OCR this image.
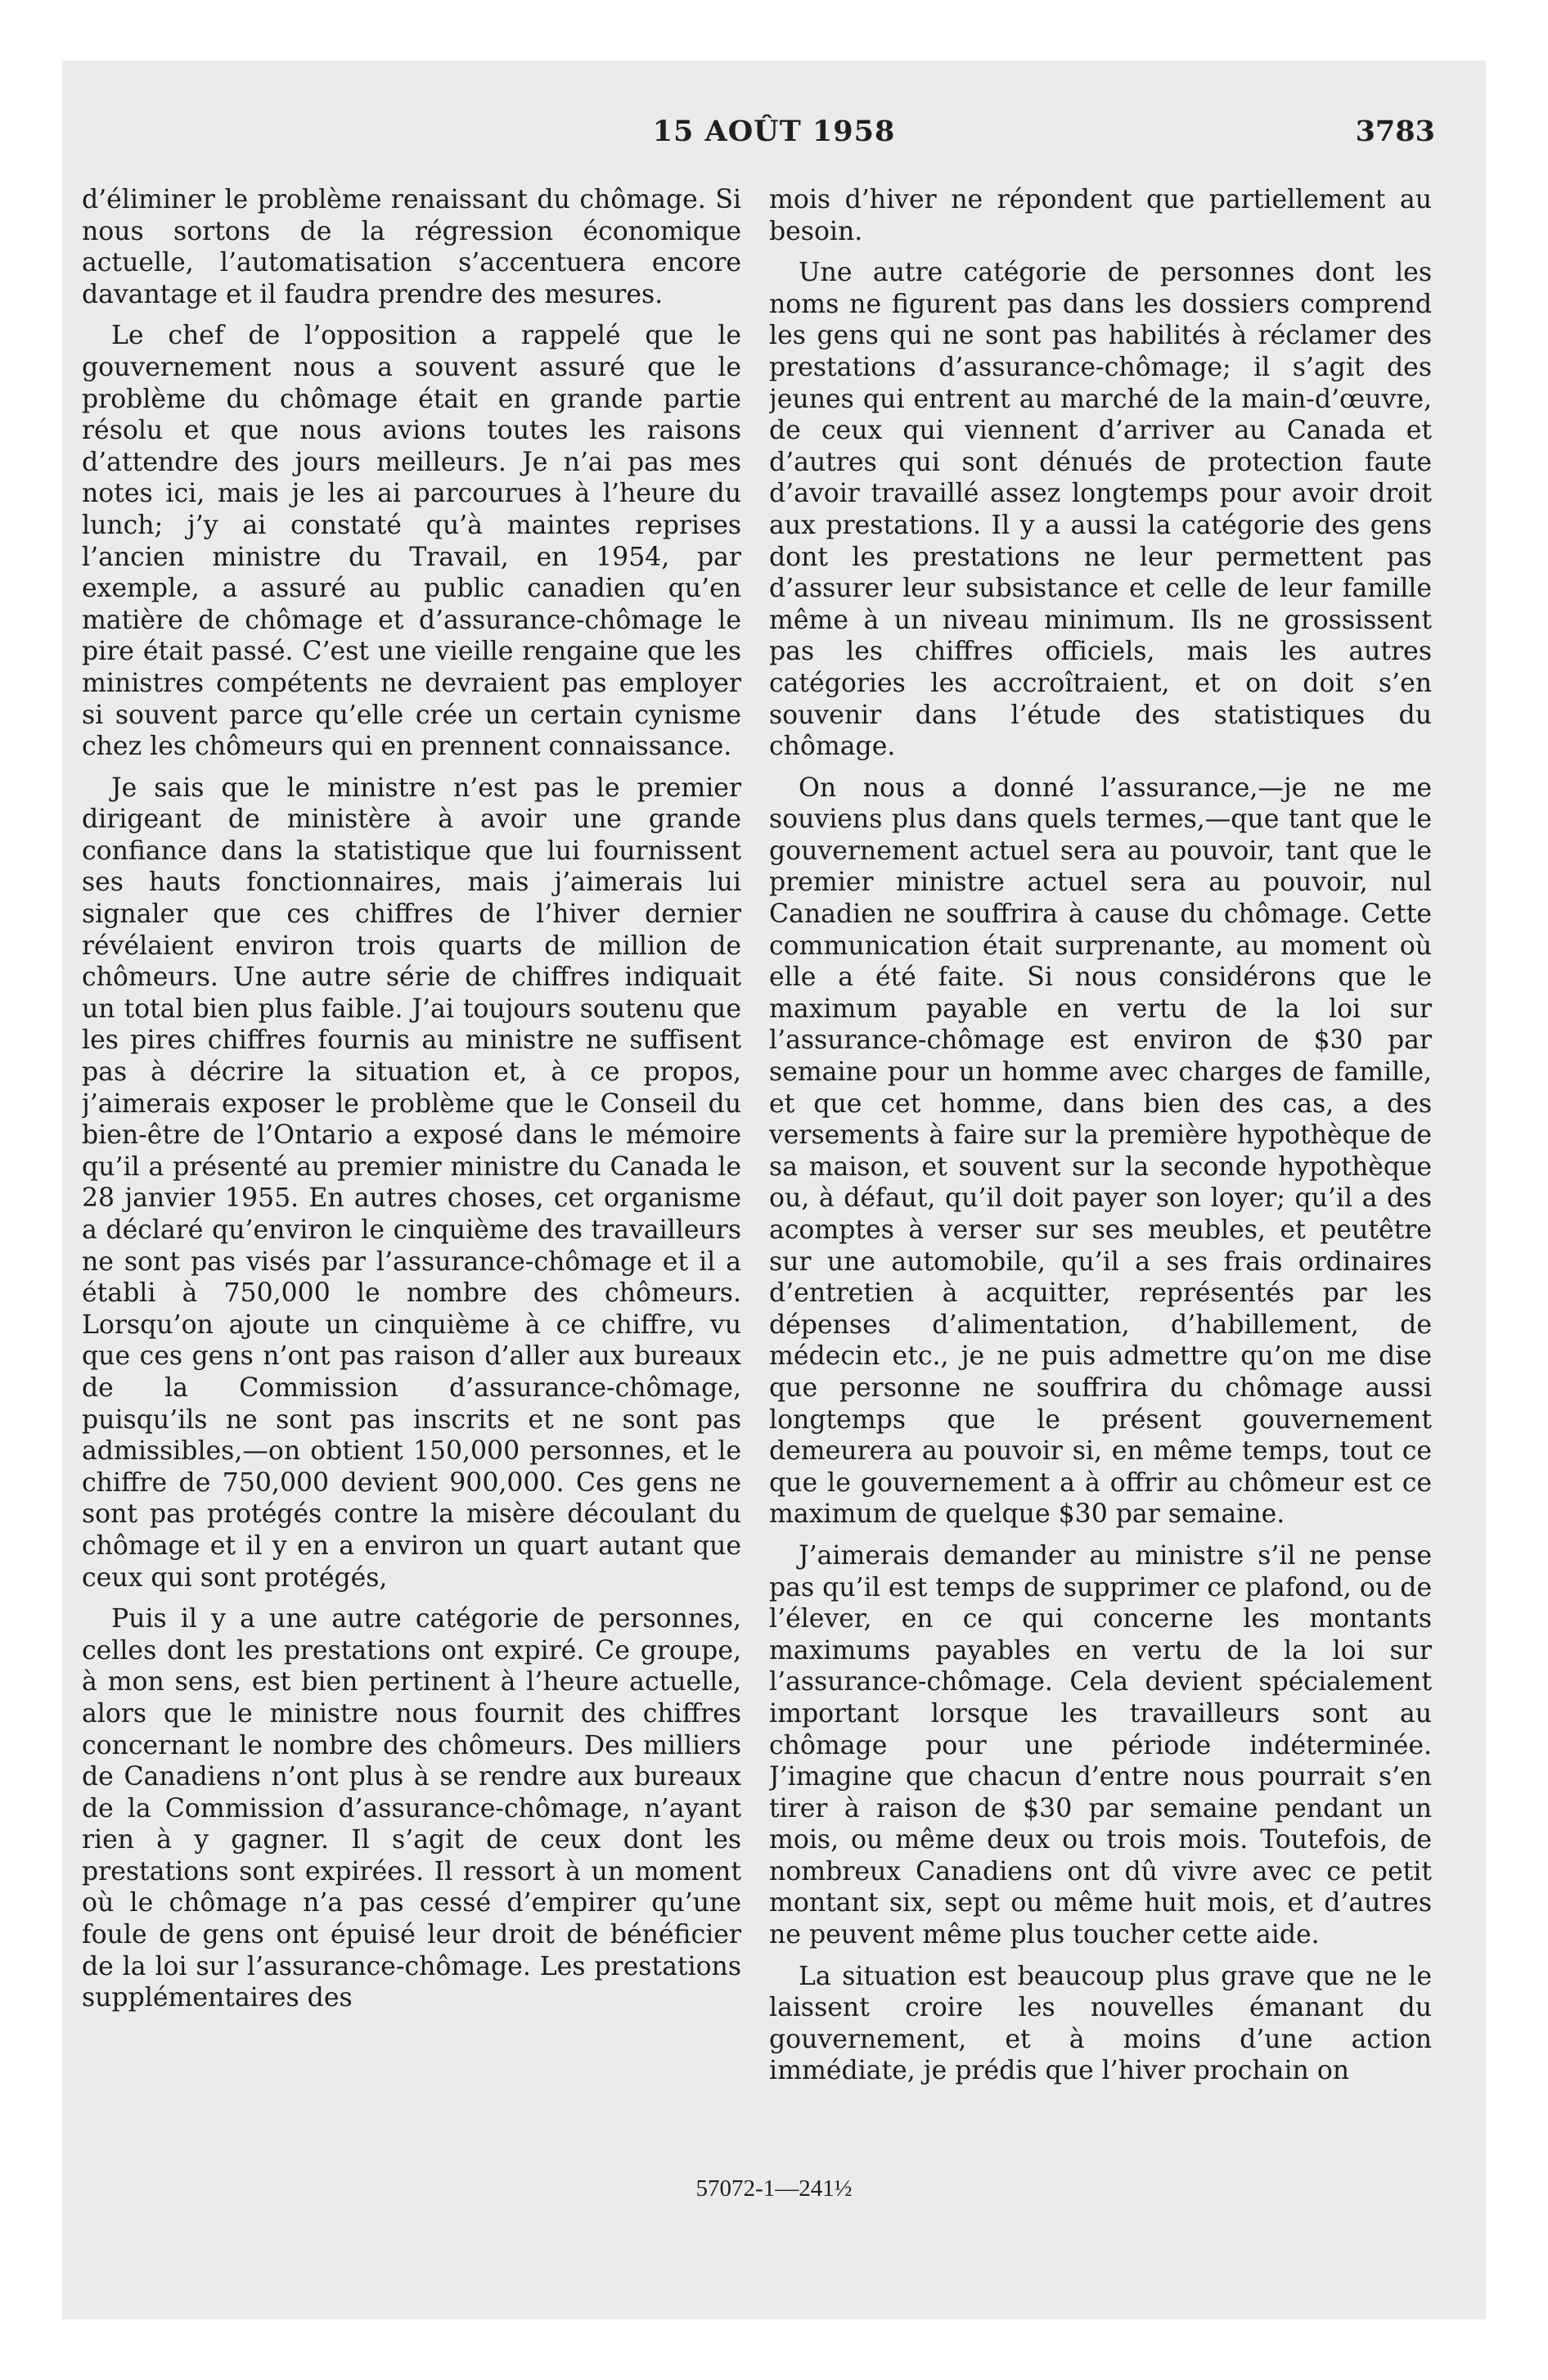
15 AOÛT 1958	3783

d’éliminer le problème renaissant du chômage. Si nous sortons de la régression économique actuelle, l’automatisation s’accentuera encore davantage et il faudra prendre des mesures.

Le chef de l’opposition a rappelé que le gouvernement nous a souvent assuré que le problème du chômage était en grande partie résolu et que nous avions toutes les raisons d’attendre des jours meilleurs. Je n’ai pas mes notes ici, mais je les ai parcourues à l’heure du lunch; j’y ai constaté qu’à maintes reprises l’ancien ministre du Travail, en 1954, par exemple, a assuré au public canadien qu’en matière de chômage et d’assurance-chômage le pire était passé. C’est une vieille rengaine que les ministres compétents ne devraient pas employer si souvent parce qu’elle crée un certain cynisme chez les chômeurs qui en prennent connaissance.

Je sais que le ministre n’est pas le premier dirigeant de ministère à avoir une grande confiance dans la statistique que lui fournissent ses hauts fonctionnaires, mais j’aimerais lui signaler que ces chiffres de l’hiver dernier révélaient environ trois quarts de million de chômeurs. Une autre série de chiffres indiquait un total bien plus faible. J’ai toujours soutenu que les pires chiffres fournis au ministre ne suffisent pas à décrire la situation et, à ce propos, j’aimerais exposer le problème que le Conseil du bien-être de l’Ontario a exposé dans le mémoire qu’il a présenté au premier ministre du Canada le 28 janvier 1955. En autres choses, cet organisme a déclaré qu’environ le cinquième des travailleurs ne sont pas visés par l’assurance-chômage et il a établi à 750,000 le nombre des chômeurs. Lorsqu’on ajoute un cinquième à ce chiffre, vu que ces gens n’ont pas raison d’aller aux bureaux de la Commission d’assurance-chômage, puisqu’ils ne sont pas inscrits et ne sont pas admissibles,—on obtient 150,000 personnes, et le chiffre de 750,000 devient 900,000. Ces gens ne sont pas protégés contre la misère découlant du chômage et il y en a environ un quart autant que ceux qui sont protégés,

Puis il y a une autre catégorie de personnes, celles dont les prestations ont expiré. Ce groupe, à mon sens, est bien pertinent à l’heure actuelle, alors que le ministre nous fournit des chiffres concernant le nombre des chômeurs. Des milliers de Canadiens n’ont plus à se rendre aux bureaux de la Commission d’assurance-chômage, n’ayant rien à y gagner. Il s’agit de ceux dont les prestations sont expirées. Il ressort à un moment où le chômage n’a pas cessé d’empirer qu’une foule de gens ont épuisé leur droit de bénéficier de la loi sur l’assurance-chômage. Les prestations supplémentaires des

mois d’hiver ne répondent que partiellement au besoin.

Une autre catégorie de personnes dont les noms ne figurent pas dans les dossiers comprend les gens qui ne sont pas habilités à réclamer des prestations d’assurance-chômage; il s’agit des jeunes qui entrent au marché de la main-d’œuvre, de ceux qui viennent d’arriver au Canada et d’autres qui sont dénués de protection faute d’avoir travaillé assez longtemps pour avoir droit aux prestations. Il y a aussi la catégorie des gens dont les prestations ne leur permettent pas d’assurer leur subsistance et celle de leur famille même à un niveau minimum. Ils ne grossissent pas les chiffres officiels, mais les autres catégories les accroîtraient, et on doit s’en souvenir dans l’étude des statistiques du chômage.

On nous a donné l’assurance,—je ne me souviens plus dans quels termes,—que tant que le gouvernement actuel sera au pouvoir, tant que le premier ministre actuel sera au pouvoir, nul Canadien ne souffrira à cause du chômage. Cette communication était surprenante, au moment où elle a été faite. Si nous considérons que le maximum payable en vertu de la loi sur l’assurance-chômage est environ de $30 par semaine pour un homme avec charges de famille, et que cet homme, dans bien des cas, a des versements à faire sur la première hypothèque de sa maison, et souvent sur la seconde hypothèque ou, à défaut, qu’il doit payer son loyer; qu’il a des acomptes à verser sur ses meubles, et peutêtre sur une automobile, qu’il a ses frais ordinaires d’entretien à acquitter, représentés par les dépenses d’alimentation, d’habillement, de médecin etc., je ne puis admettre qu’on me dise que personne ne souffrira du chômage aussi longtemps que le présent gouvernement demeurera au pouvoir si, en même temps, tout ce que le gouvernement a à offrir au chômeur est ce maximum de quelque $30 par semaine.

J’aimerais demander au ministre s’il ne pense pas qu’il est temps de supprimer ce plafond, ou de l’élever, en ce qui concerne les montants maximums payables en vertu de la loi sur l’assurance-chômage. Cela devient spécialement important lorsque les travailleurs sont au chômage pour une période indéterminée. J’imagine que chacun d’entre nous pourrait s’en tirer à raison de $30 par semaine pendant un mois, ou même deux ou trois mois. Toutefois, de nombreux Canadiens ont dû vivre avec ce petit montant six, sept ou même huit mois, et d’autres ne peuvent même plus toucher cette aide.

La situation est beaucoup plus grave que ne le laissent croire les nouvelles émanant du gouvernement, et à moins d’une action immédiate, je prédis que l’hiver prochain on

57072-1—241½
